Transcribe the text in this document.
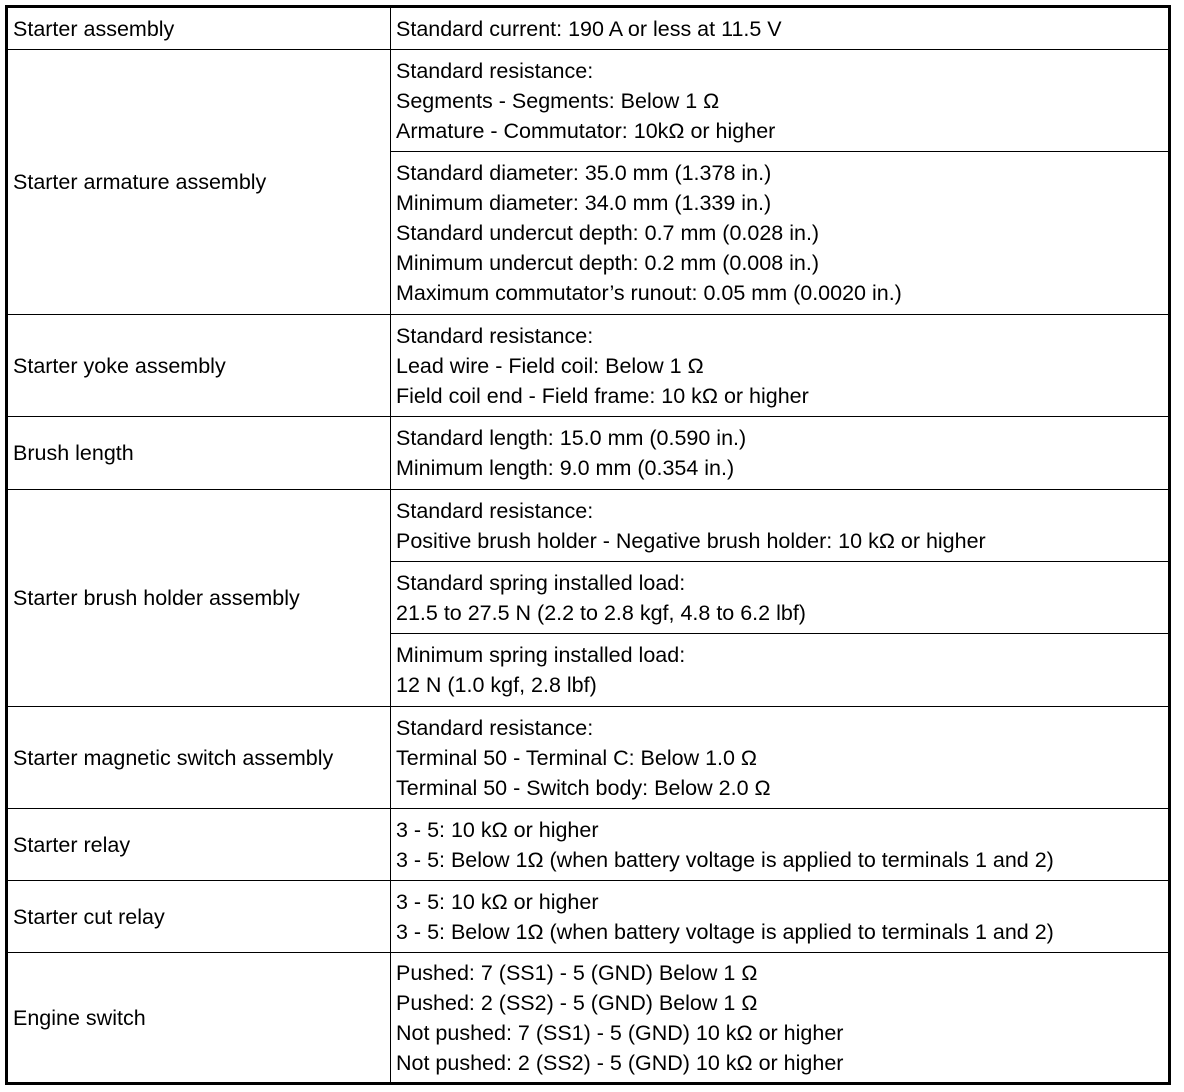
Starter assembly	Standard current: 190 A or less at 11.5 V

Starter armature assembly	Standard resistance:
Segments - Segments: Below 1 Ω
Armature - Commutator: 10kΩ or higher

	Standard diameter: 35.0 mm (1.378 in.)
Minimum diameter: 34.0 mm (1.339 in.)
Standard undercut depth: 0.7 mm (0.028 in.)
Minimum undercut depth: 0.2 mm (0.008 in.)
Maximum commutator’s runout: 0.05 mm (0.0020 in.)

Starter yoke assembly	Standard resistance:
Lead wire - Field coil: Below 1 Ω
Field coil end - Field frame: 10 kΩ or higher

Brush length	Standard length: 15.0 mm (0.590 in.)
Minimum length: 9.0 mm (0.354 in.)

Starter brush holder assembly	Standard resistance:
Positive brush holder - Negative brush holder: 10 kΩ or higher

	Standard spring installed load:
21.5 to 27.5 N (2.2 to 2.8 kgf, 4.8 to 6.2 lbf)

	Minimum spring installed load:
12 N (1.0 kgf, 2.8 lbf)

Starter magnetic switch assembly	Standard resistance:
Terminal 50 - Terminal C: Below 1.0 Ω
Terminal 50 - Switch body: Below 2.0 Ω

Starter relay	3 - 5: 10 kΩ or higher
3 - 5: Below 1Ω (when battery voltage is applied to terminals 1 and 2)

Starter cut relay	3 - 5: 10 kΩ or higher
3 - 5: Below 1Ω (when battery voltage is applied to terminals 1 and 2)

Engine switch	Pushed: 7 (SS1) - 5 (GND) Below 1 Ω
Pushed: 2 (SS2) - 5 (GND) Below 1 Ω
Not pushed: 7 (SS1) - 5 (GND) 10 kΩ or higher
Not pushed: 2 (SS2) - 5 (GND) 10 kΩ or higher
